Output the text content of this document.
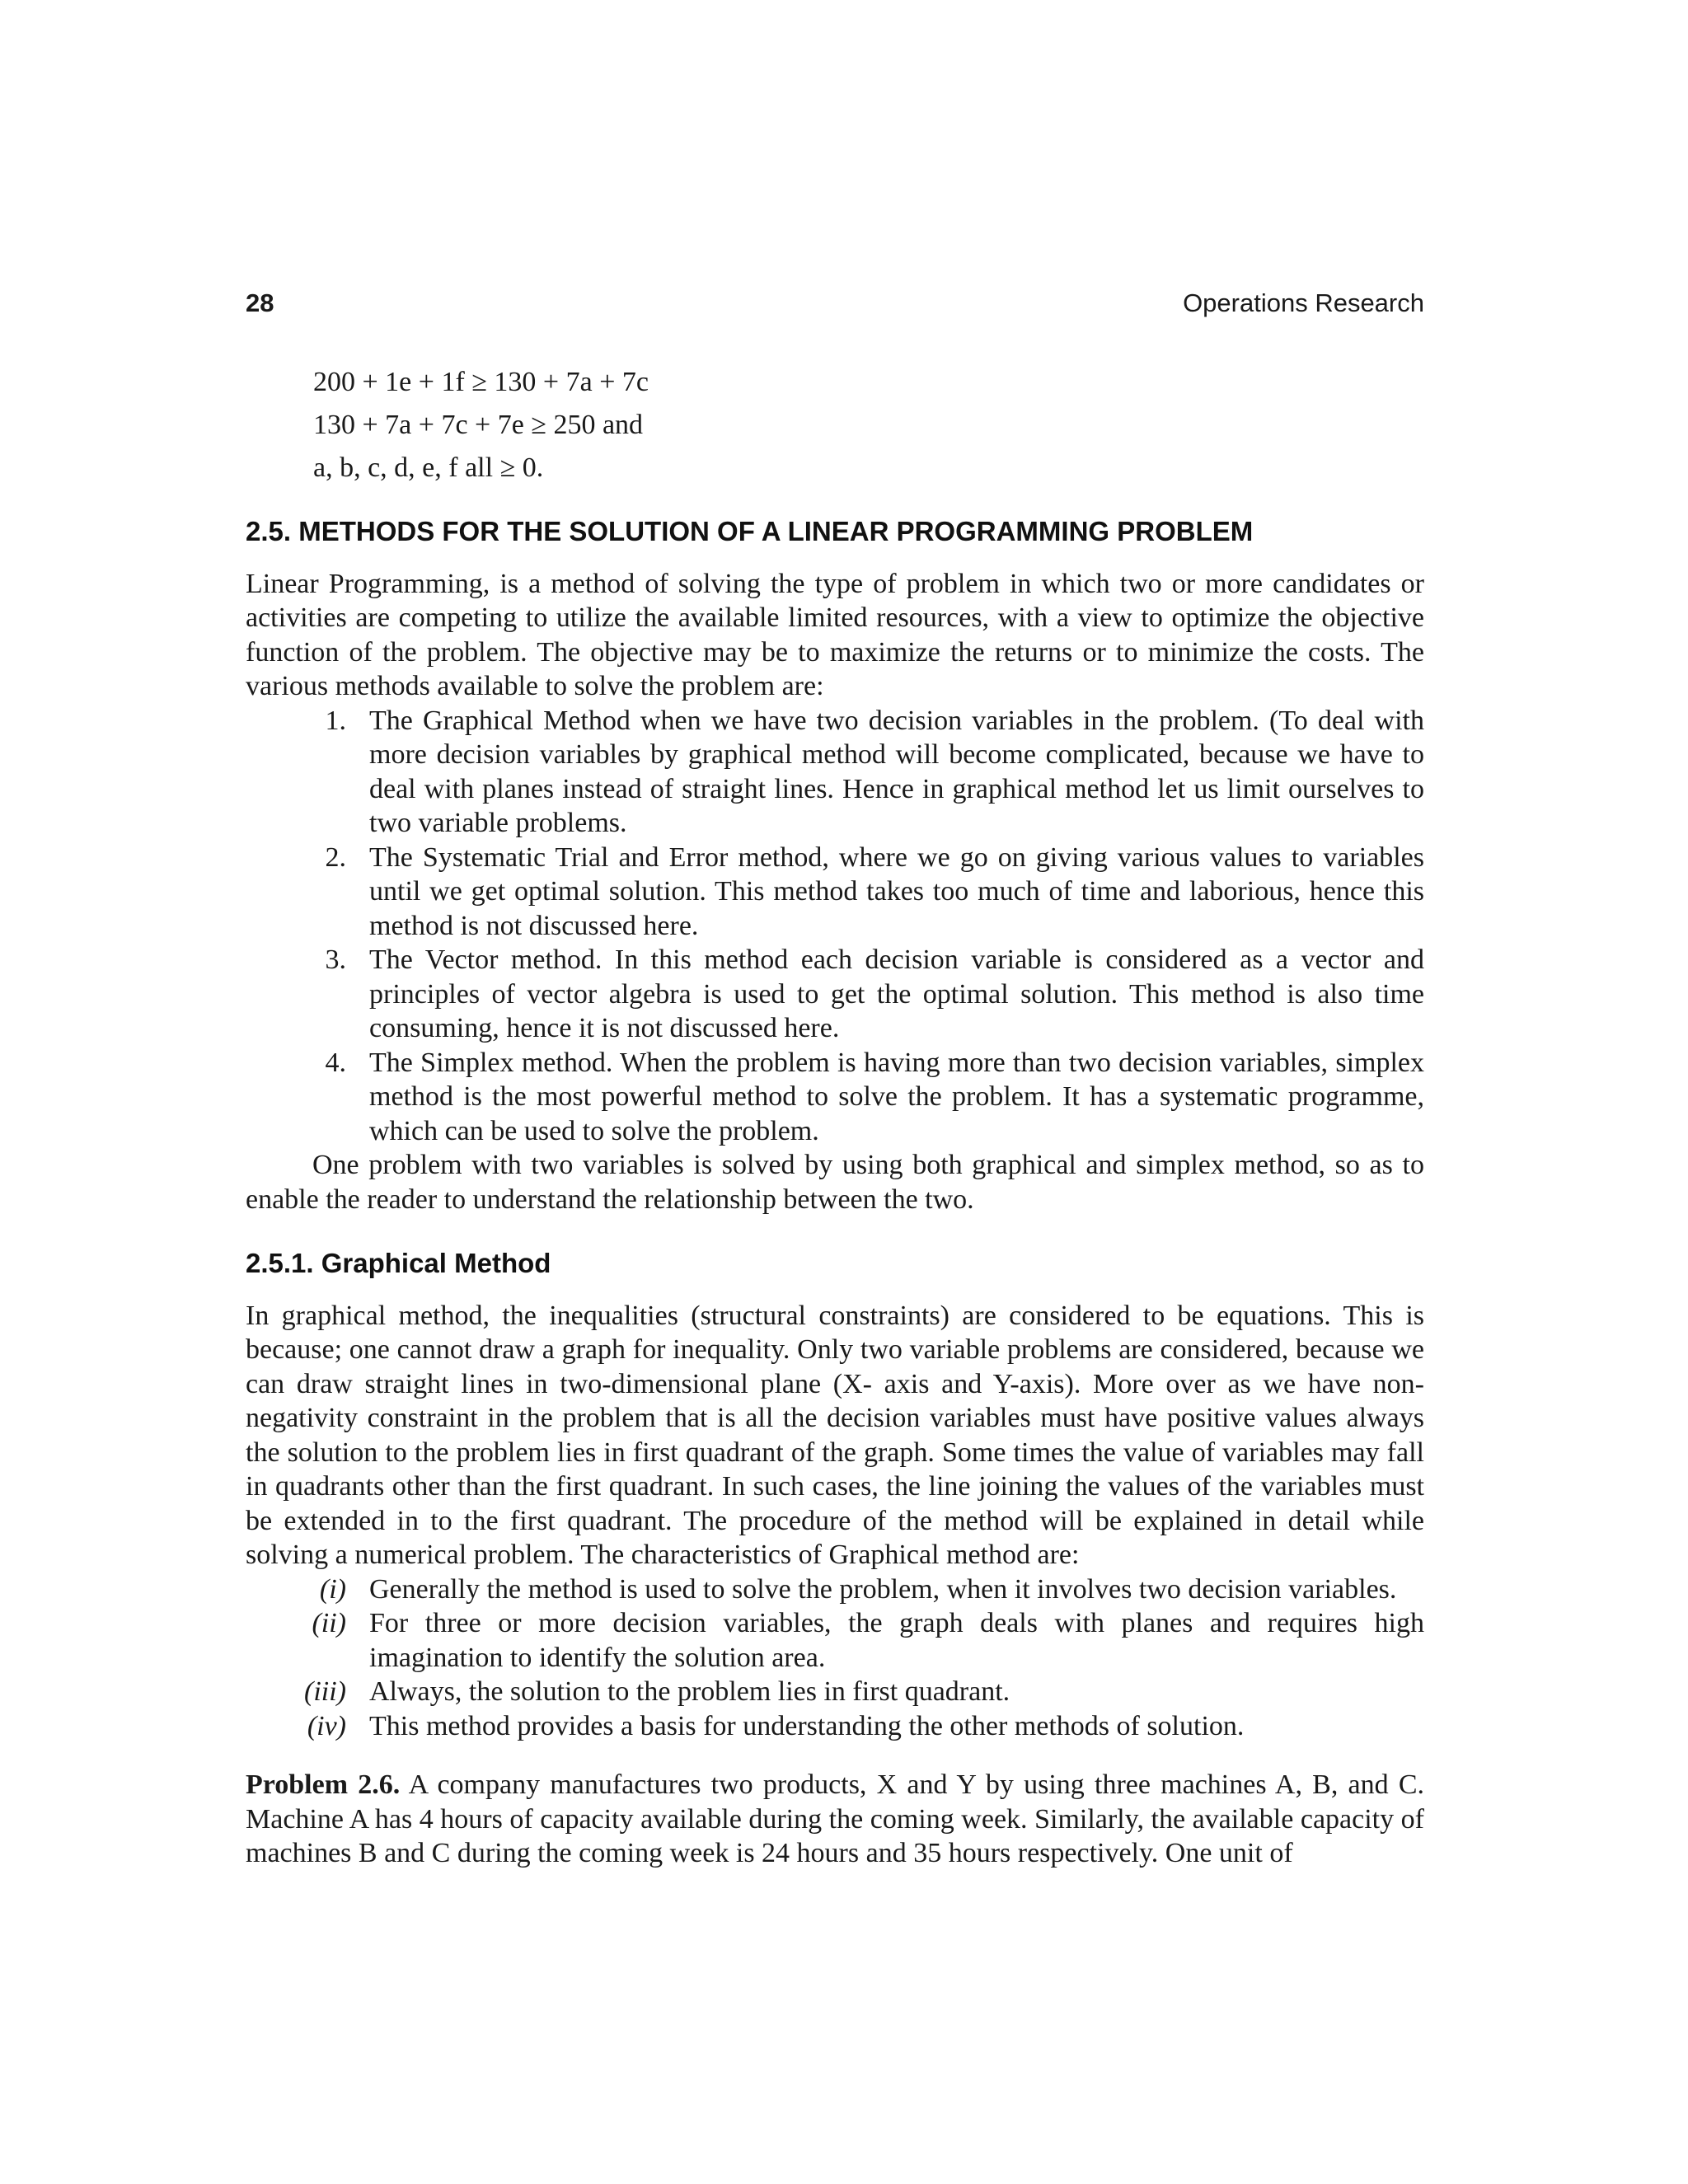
28	Operations Research
200 + 1e + 1f ≥ 130 + 7a + 7c
130 + 7a + 7c + 7e ≥ 250 and
a, b, c, d, e, f all ≥ 0.
2.5. METHODS FOR THE SOLUTION OF A LINEAR PROGRAMMING PROBLEM

Linear Programming, is a method of solving the type of problem in which two or more candidates or activities are competing to utilize the available limited resources, with a view to optimize the objective function of the problem. The objective may be to maximize the returns or to minimize the costs. The various methods available to solve the problem are:

1. The Graphical Method when we have two decision variables in the problem. (To deal with more decision variables by graphical method will become complicated, because we have to deal with planes instead of straight lines. Hence in graphical method let us limit ourselves to two variable problems.
2. The Systematic Trial and Error method, where we go on giving various values to variables until we get optimal solution. This method takes too much of time and laborious, hence this method is not discussed here.
3. The Vector method. In this method each decision variable is considered as a vector and principles of vector algebra is used to get the optimal solution. This method is also time consuming, hence it is not discussed here.
4. The Simplex method. When the problem is having more than two decision variables, simplex method is the most powerful method to solve the problem. It has a systematic programme, which can be used to solve the problem.

One problem with two variables is solved by using both graphical and simplex method, so as to enable the reader to understand the relationship between the two.

2.5.1. Graphical Method

In graphical method, the inequalities (structural constraints) are considered to be equations. This is because; one cannot draw a graph for inequality. Only two variable problems are considered, because we can draw straight lines in two-dimensional plane (X- axis and Y-axis). More over as we have non-negativity constraint in the problem that is all the decision variables must have positive values always the solution to the problem lies in first quadrant of the graph. Some times the value of variables may fall in quadrants other than the first quadrant. In such cases, the line joining the values of the variables must be extended in to the first quadrant. The procedure of the method will be explained in detail while solving a numerical problem. The characteristics of Graphical method are:

(i) Generally the method is used to solve the problem, when it involves two decision variables.
(ii) For three or more decision variables, the graph deals with planes and requires high imagination to identify the solution area.
(iii) Always, the solution to the problem lies in first quadrant.
(iv) This method provides a basis for understanding the other methods of solution.

Problem 2.6. A company manufactures two products, X and Y by using three machines A, B, and C. Machine A has 4 hours of capacity available during the coming week. Similarly, the available capacity of machines B and C during the coming week is 24 hours and 35 hours respectively. One unit of
